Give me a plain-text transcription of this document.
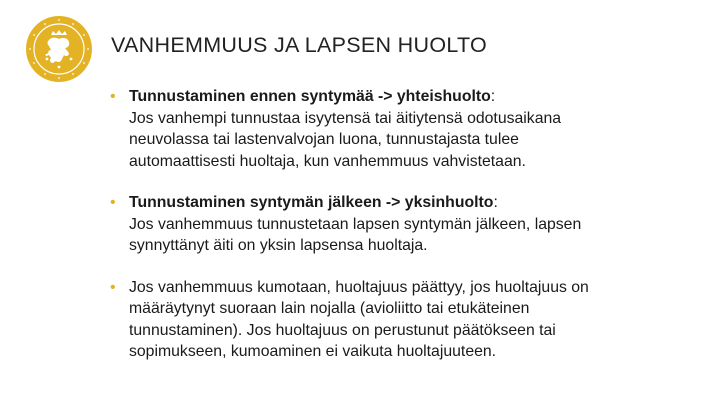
VANHEMMUUS JA LAPSEN HUOLTO
• Tunnustaminen ennen syntymää -> yhteishuolto:
Jos vanhempi tunnustaa isyytensä tai äitiytensä odotusaikana
neuvolassa tai lastenvalvojan luona, tunnustajasta tulee
automaattisesti huoltaja, kun vanhemmuus vahvistetaan.
• Tunnustaminen syntymän jälkeen -> yksinhuolto:
Jos vanhemmuus tunnustetaan lapsen syntymän jälkeen, lapsen
synnyttänyt äiti on yksin lapsensa huoltaja.
• Jos vanhemmuus kumotaan, huoltajuus päättyy, jos huoltajuus on
määräytynyt suoraan lain nojalla (avioliitto tai etukäteinen
tunnustaminen). Jos huoltajuus on perustunut päätökseen tai
sopimukseen, kumoaminen ei vaikuta huoltajuuteen.
